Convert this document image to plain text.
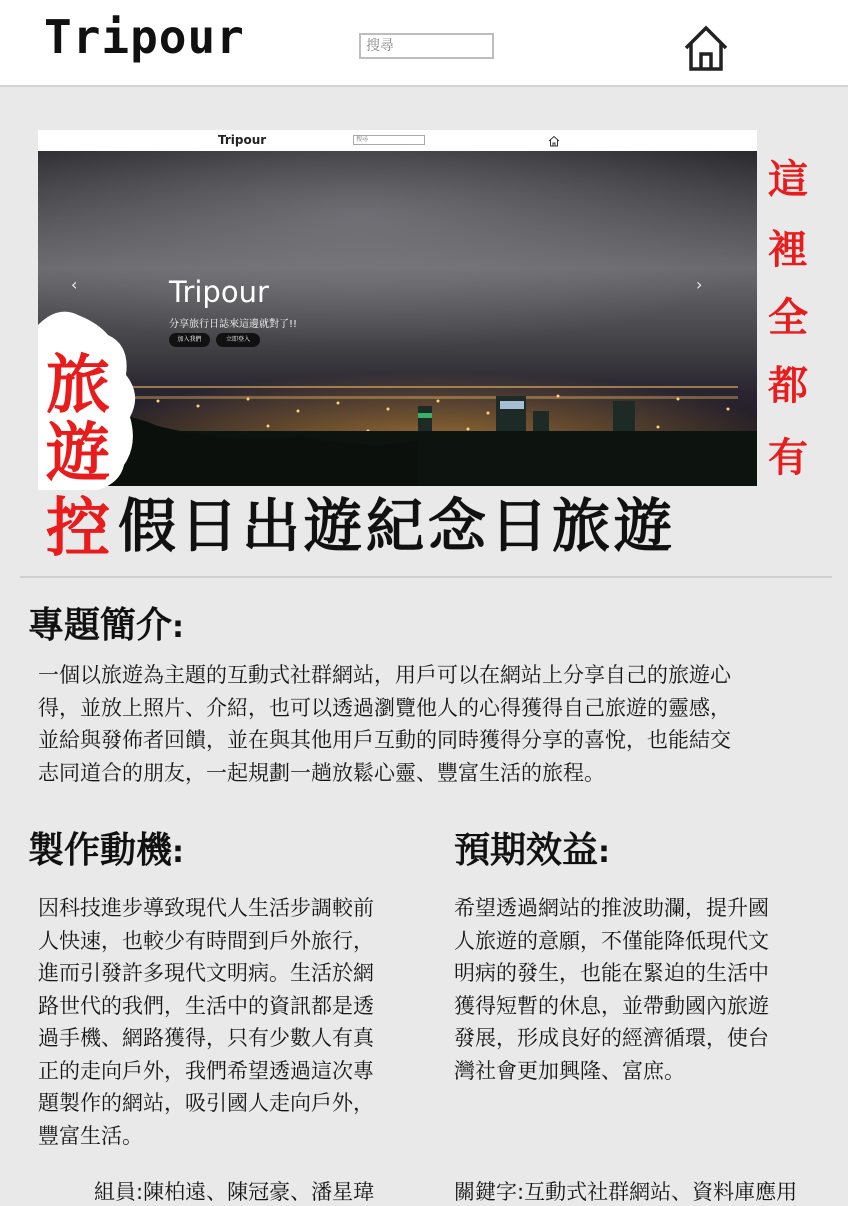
Tripour
搜尋
Tripour	搜尋
‹	›
Tripour
分享旅行日誌來這邊就對了!!
加入我們	立即登入
旅
遊
控
這
裡
全
都
有
假日出遊紀念日旅遊
專題簡介:
一個以旅遊為主題的互動式社群網站，用戶可以在網站上分享自己的旅遊心
得，並放上照片、介紹，也可以透過瀏覽他人的心得獲得自己旅遊的靈感，
並給與發佈者回饋，並在與其他用戶互動的同時獲得分享的喜悅，也能結交
志同道合的朋友，一起規劃一趟放鬆心靈、豐富生活的旅程。
製作動機:
因科技進步導致現代人生活步調較前
人快速，也較少有時間到戶外旅行，
進而引發許多現代文明病。生活於網
路世代的我們，生活中的資訊都是透
過手機、網路獲得，只有少數人有真
正的走向戶外，我們希望透過這次專
題製作的網站，吸引國人走向戶外，
豐富生活。
預期效益:
希望透過網站的推波助瀾，提升國
人旅遊的意願，不僅能降低現代文
明病的發生，也能在緊迫的生活中
獲得短暫的休息，並帶動國內旅遊
發展，形成良好的經濟循環，使台
灣社會更加興隆、富庶。
組員:陳柏遠、陳冠豪、潘星瑋	關鍵字:互動式社群網站、資料庫應用
